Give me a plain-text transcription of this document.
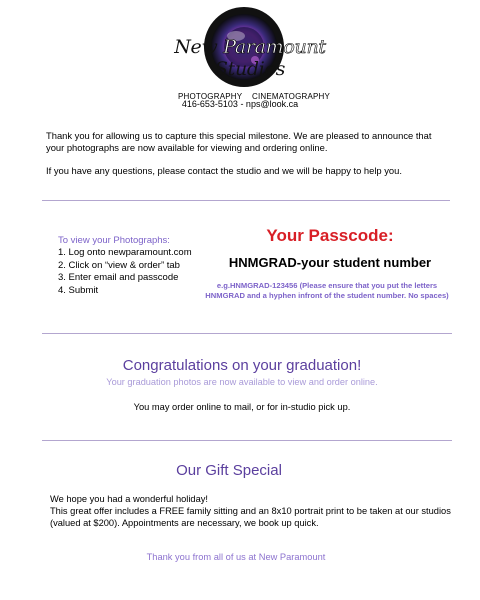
New Paramount Studios
PHOTOGRAPHY CINEMATOGRAPHY
416-653-5103 - nps@look.ca
Thank you for allowing us to capture this special milestone. We are pleased to announce that your photographs are now available for viewing and ordering online.
If you have any questions, please contact the studio and we will be happy to help you.
To view your Photographs:
1. Log onto newparamount.com
2. Click on “view & order” tab
3. Enter email and passcode
4. Submit
Your Passcode:
HNMGRAD-your student number
e.g.HNMGRAD-123456 (Please ensure that you put the letters HNMGRAD and a hyphen infront of the student number. No spaces)
Congratulations on your graduation!
Your graduation photos are now available to view and order online.
You may order online to mail, or for in-studio pick up.
Our Gift Special
We hope you had a wonderful holiday!
This great offer includes a FREE family sitting and an 8x10 portrait print to be taken at our studios (valued at $200). Appointments are necessary, we book up quick.
Thank you from all of us at New Paramount
